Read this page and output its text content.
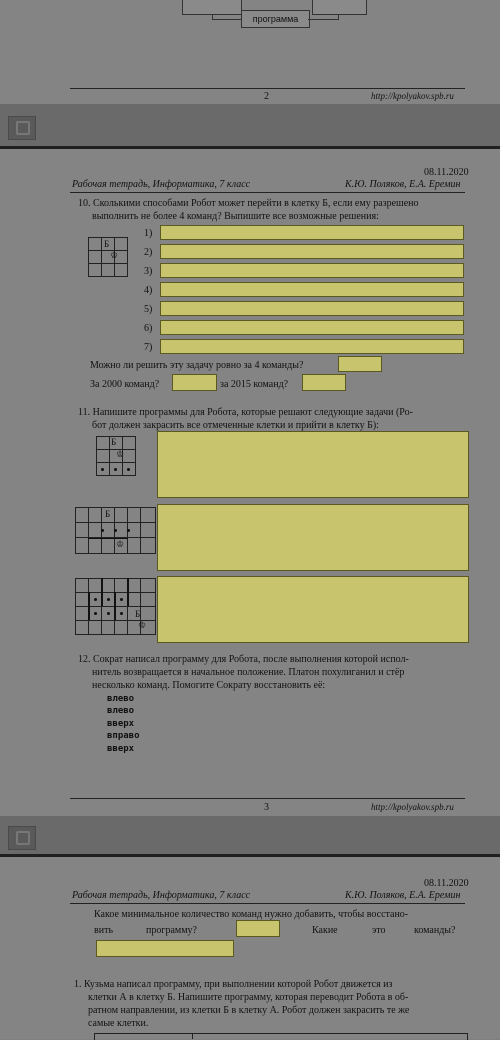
программа
2	http://kpolyakov.spb.ru
08.11.2020
Рабочая тетрадь, Информатика, 7 класс	К.Ю. Поляков, Е.А. Еремин
10. Сколькими способами Робот может перейти в клетку Б, если ему разрешено
выполнить не более 4 команд? Выпишите все возможные решения:
Б
♔
1)
2)
3)
4)
5)
6)
7)
Можно ли решить эту задачу ровно за 4 команды?
За 2000 команд?	за 2015 команд?
11. Напишите программы для Робота, которые решают следующие задачи (Ро-
бот должен закрасить все отмеченные клетки и прийти в клетку Б):
Б
♔
Б
♔
Б
♔
12. Сократ написал программу для Робота, после выполнения которой испол-
нитель возвращается в начальное положение. Платон похулиганил и стёр
несколько команд. Помогите Сократу восстановить её:
влево
влево
вверх
вправо
вверх
3	http://kpolyakov.spb.ru
08.11.2020
Рабочая тетрадь, Информатика, 7 класс	К.Ю. Поляков, Е.А. Еремин
Какое минимальное количество команд нужно добавить, чтобы восстано-
вить	программу?	Какие	это	команды?
1. Кузьма написал программу, при выполнении которой Робот движется из
клетки А в клетку Б. Напишите программу, которая переводит Робота в об-
ратном направлении, из клетки Б в клетку А. Робот должен закрасить те же
самые клетки.
